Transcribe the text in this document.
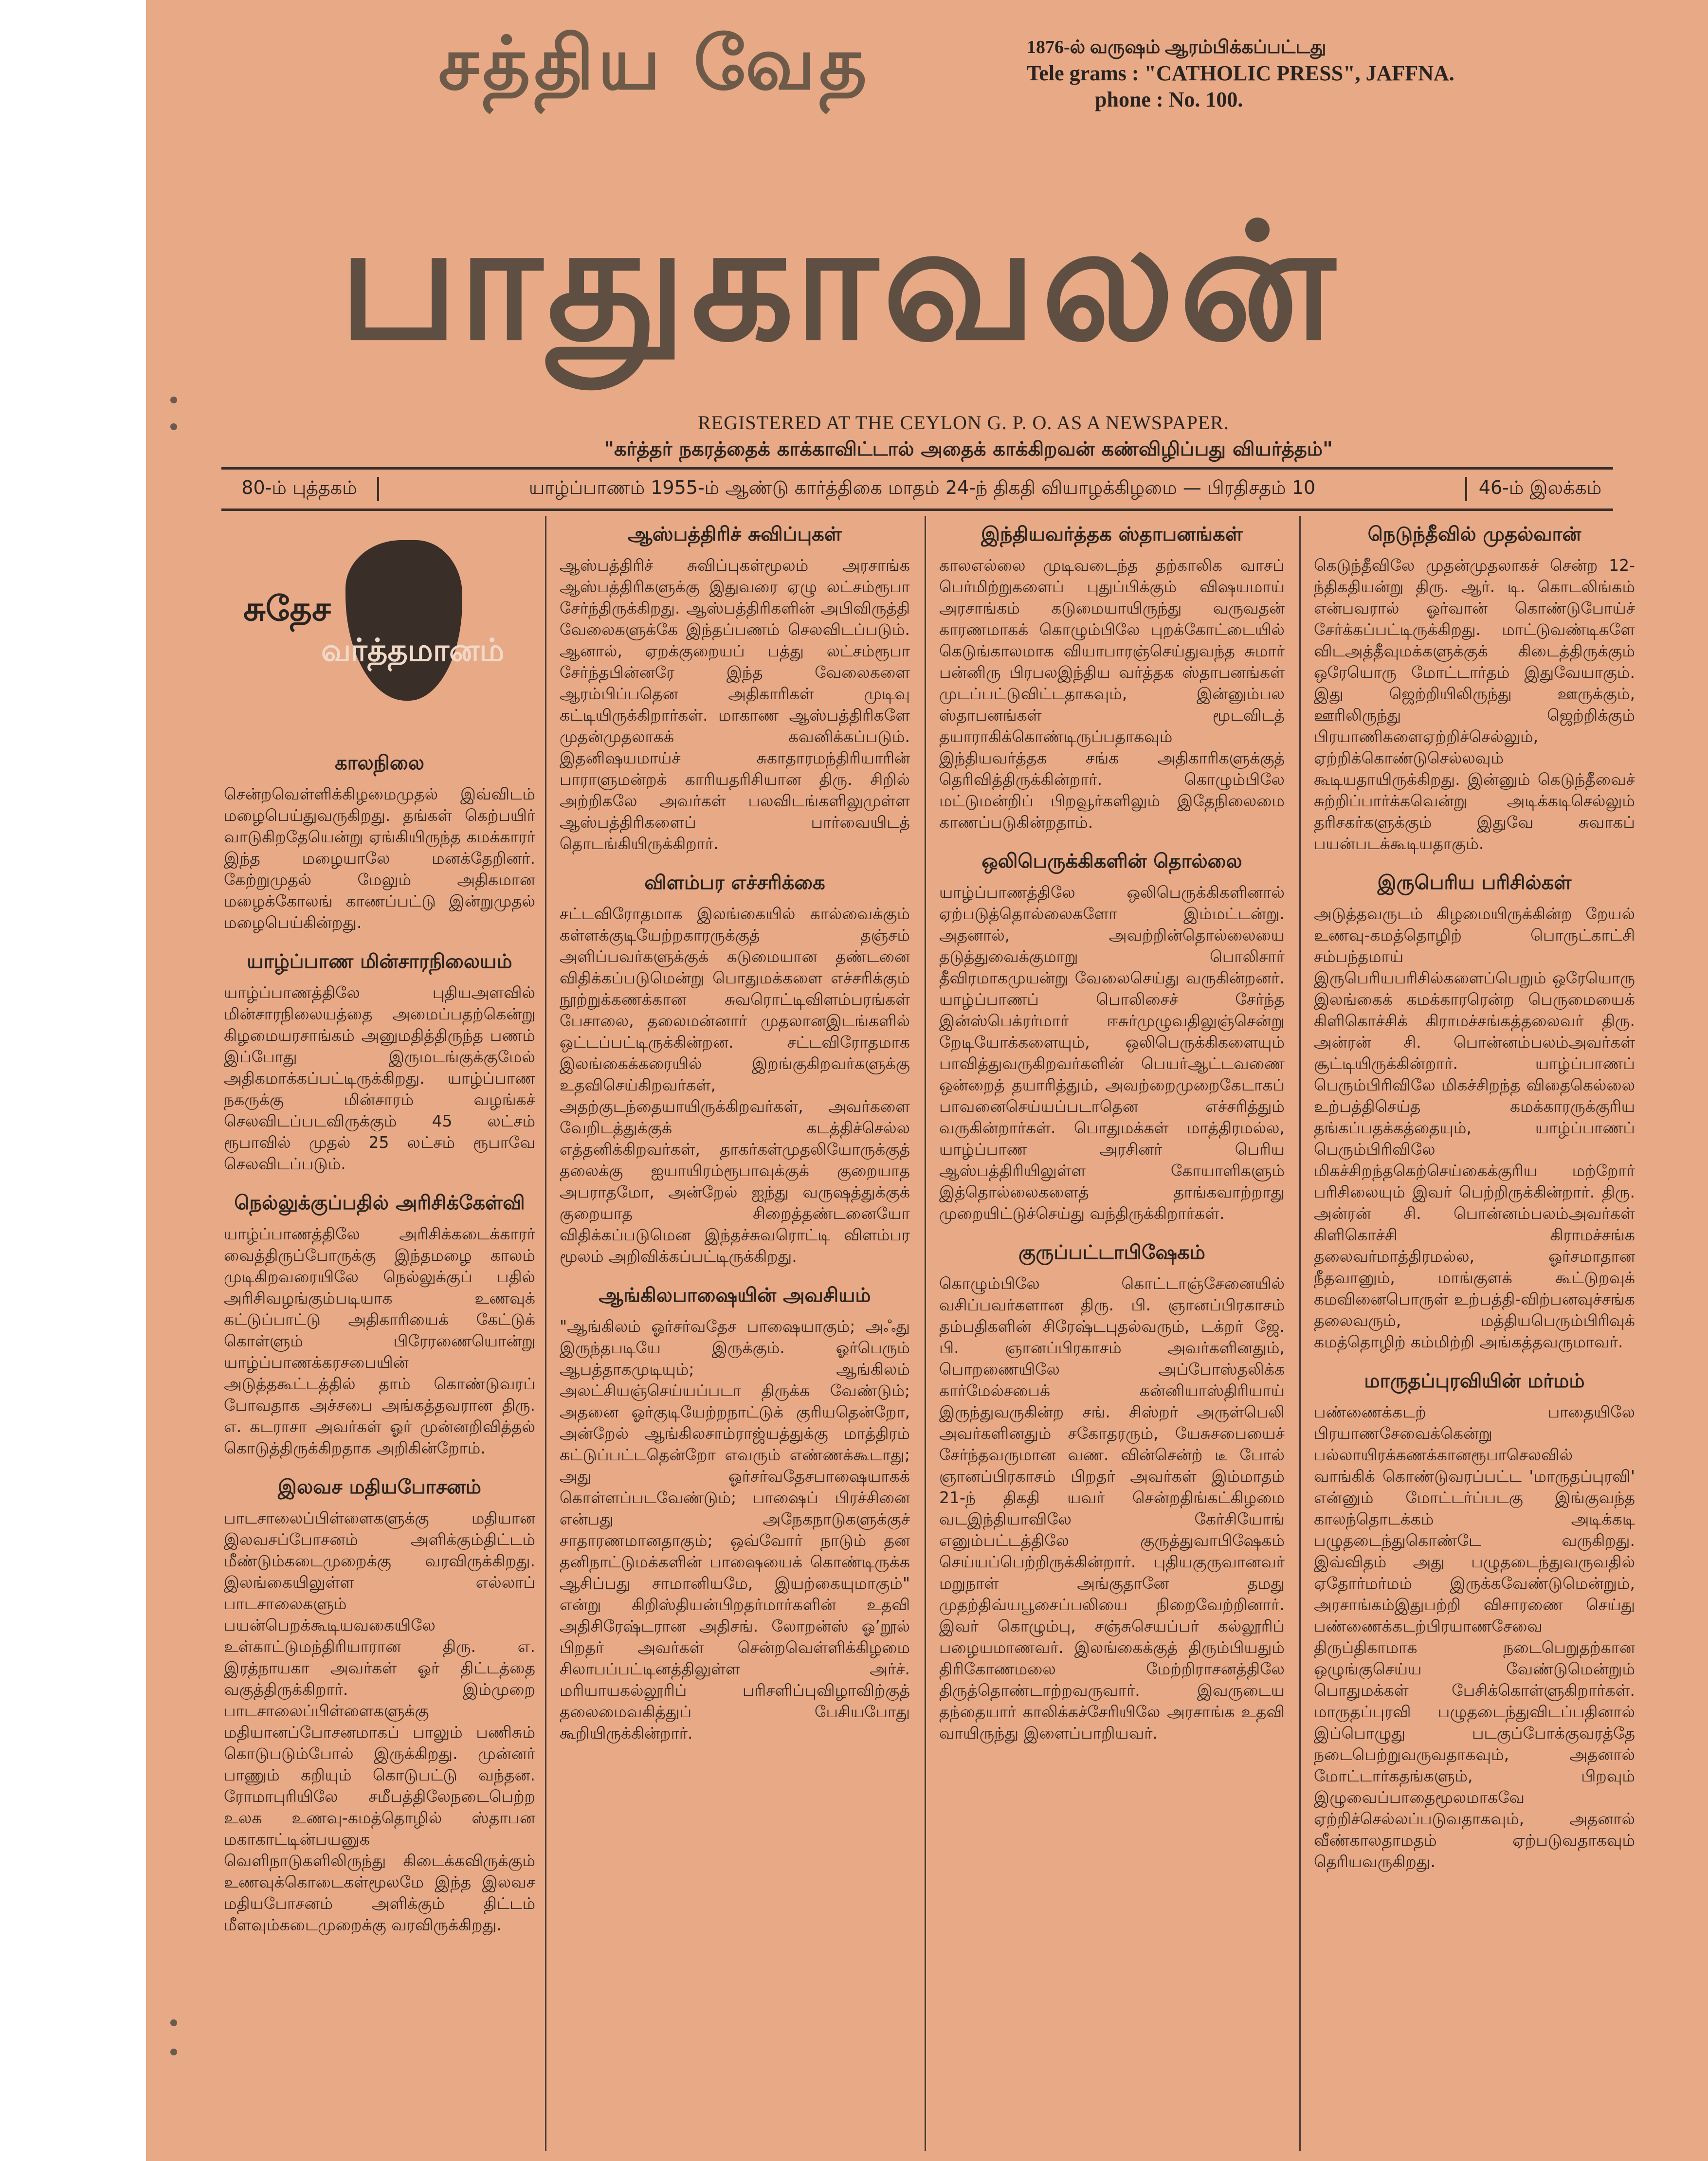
சத்திய வேத
பாதுகாவலன்
1876-ல் வருஷம் ஆரம்பிக்கப்பட்டது
Tele grams : "CATHOLIC PRESS", JAFFNA.
phone : No. 100.
REGISTERED AT THE CEYLON G. P. O. AS A NEWSPAPER.
"கர்த்தர் நகரத்தைக் காக்காவிட்டால் அதைக் காக்கிறவன் கண்விழிப்பது வியர்த்தம்"
80-ம் புத்தகம்	யாழ்ப்பாணம் 1955-ம் ஆண்டு கார்த்திகை மாதம் 24-ந் திகதி வியாழக்கிழமை — பிரதிசதம் 10	46-ம் இலக்கம்
சுதேச
வர்த்தமானம்
காலநிலை
சென்றவெள்ளிக்கிழமைமுதல் இவ்விடம் மழைபெய்துவருகிறது. தங்கள் கெற்பயிர் வாடுகிறதேயென்று ஏங்கியிருந்த கமக்காரர் இந்த மழையாலே மனக்தேறினர். கேற்றுமுதல் மேலும் அதிகமான மழைக்கோலங் காணப்பட்டு இன்றுமுதல் மழைபெய்கின்றது.
யாழ்ப்பாண மின்சாரநிலையம்
யாழ்ப்பாணத்திலே புதியஅளவில் மின்சாரநிலையத்தை அமைப்பதற்கென்று கிழமையரசாங்கம் அனுமதித்திருந்த பணம் இப்போது இருமடங்குக்குமேல் அதிகமாக்கப்பட்டிருக்கிறது. யாழ்ப்பாண நகருக்கு மின்சாரம் வழங்கச் செலவிடப்படவிருக்கும் 45 லட்சம் ரூபாவில் முதல் 25 லட்சம் ரூபாவே செலவிடப்படும்.
நெல்லுக்குப்பதில் அரிசிக்கேள்வி
யாழ்ப்பாணத்திலே அரிசிக்கடைக்காரர் வைத்திருப்போருக்கு இந்தமழை காலம் முடிகிறவரையிலே நெல்லுக்குப் பதில் அரிசிவழங்கும்படியாக உணவுக் கட்டுப்பாட்டு அதிகாரியைக் கேட்டுக் கொள்ளும் பிரேரணையொன்று யாழ்ப்பாணக்கரசபையின் அடுத்தகூட்டத்தில் தாம் கொண்டுவரப் போவதாக அச்சபை அங்கத்தவரான திரு. எ. கடராசா அவர்கள் ஓர் முன்னறிவித்தல் கொடுத்திருக்கிறதாக அறிகின்றோம்.
இலவச மதியபோசனம்
பாடசாலைப்பிள்ளைகளுக்கு மதியான இலவசப்போசனம் அளிக்கும்திட்டம் மீண்டும்கடைமுறைக்கு வரவிருக்கிறது. இலங்கையிலுள்ள எல்லாப் பாடசாலைகளும் பயன்பெறக்கூடியவகையிலே உள்காட்டுமந்திரியாரான திரு. எ. இரத்நாயகா அவர்கள் ஓர் திட்டத்தை வகுத்திருக்கிறார். இம்முறை பாடசாலைப்பிள்ளைகளுக்கு மதியானப்போசனமாகப் பாலும் பணிசும் கொடுபடும்போல் இருக்கிறது. முன்னர் பாணும் கறியும் கொடுபட்டு வந்தன. ரோமாபுரியிலே சமீபத்திலேநடைபெற்ற உலக உணவு-கமத்தொழில் ஸ்தாபன மகாகாட்டின்பயனுக வெளிநாடுகளிலிருந்து கிடைக்கவிருக்கும் உணவுக்கொடைகள்மூலமே இந்த இலவச மதியபோசனம் அளிக்கும் திட்டம் மீளவும்கடைமுறைக்கு வரவிருக்கிறது.
ஆஸ்பத்திரிச் சுவிப்புகள்
ஆஸ்பத்திரிச் சுவிப்புகள்மூலம் அரசாங்க ஆஸ்பத்திரிகளுக்கு இதுவரை ஏழு லட்சம்ரூபா சேர்ந்திருக்கிறது. ஆஸ்பத்திரிகளின் அபிவிருத்தி வேலைகளுக்கே இந்தப்பணம் செலவிடப்படும். ஆனால், ஏறக்குறையப் பத்து லட்சம்ரூபா சேர்ந்தபின்னரே இந்த வேலைகளை ஆரம்பிப்பதென அதிகாரிகள் முடிவு கட்டியிருக்கிறார்கள். மாகாண ஆஸ்பத்திரிகளே முதன்முதலாகக் கவனிக்கப்படும். இதனிஷயமாய்ச் சுகாதாரமந்திரியாரின் பாராளுமன்றக் காரியதரிசியான திரு. சிறில் அற்றிகலே அவர்கள் பலவிடங்களிலுமுள்ள ஆஸ்பத்திரிகளைப் பார்வையிடத் தொடங்கியிருக்கிறார்.
விளம்பர எச்சரிக்கை
சட்டவிரோதமாக இலங்கையில் கால்வைக்கும் கள்ளக்குடியேற்றகாரருக்குத் தஞ்சம் அளிப்பவர்களுக்குக் கடுமையான தண்டனை விதிக்கப்படுமென்று பொதுமக்களை எச்சரிக்கும் நூற்றுக்கணக்கான சுவரொட்டிவிளம்பரங்கள் பேசாலை, தலைமன்னார் முதலானஇடங்களில் ஒட்டப்பட்டிருக்கின்றன. சட்டவிரோதமாக இலங்கைக்கரையில் இறங்குகிறவர்களுக்கு உதவிசெய்கிறவர்கள், அதற்குடந்தையாயிருக்கிறவர்கள், அவர்களை வேறிடத்துக்குக் கடத்திச்செல்ல எத்தனிக்கிறவர்கள், தாகர்கள்முதலியோருக்குத் தலைக்கு ஐயாயிரம்ரூபாவுக்குக் குறையாத அபராதமோ, அன்றேல் ஐந்து வருஷத்துக்குக் குறையாத சிறைத்தண்டனையோ விதிக்கப்படுமென இந்தச்சுவரொட்டி விளம்பர மூலம் அறிவிக்கப்பட்டிருக்கிறது.
ஆங்கிலபாஷையின் அவசியம்
"ஆங்கிலம் ஓர்சர்வதேச பாஷையாகும்; அஃது இருந்தபடியே இருக்கும். ஓர்பெரும் ஆபத்தாகமுடியும்; ஆங்கிலம் அலட்சியஞ்செய்யப்படா திருக்க வேண்டும்; அதனை ஓர்குடியேற்றநாட்டுக் குரியதென்றோ, அன்றேல் ஆங்கிலசாம்ராஜ்யத்துக்கு மாத்திரம் கட்டுப்பட்டதென்றோ எவரும் எண்ணக்கூடாது; அது ஓர்சர்வதேசபாஷையாகக் கொள்ளப்படவேண்டும்; பாஷைப் பிரச்சினை என்பது அநேகநாடுகளுக்குச் சாதாரணமானதாகும்; ஒவ்வோர் நாடும் தன தனிநாட்டுமக்களின் பாஷையைக் கொண்டிருக்க ஆசிப்பது சாமானியமே, இயற்கையுமாகும்" என்று கிறிஸ்தியன்பிறதர்மார்களின் உதவி அதிசிரேஷ்டரான அதிசங். லோறன்ஸ் ஓ’றூல் பிறதர் அவர்கள் சென்றவெள்ளிக்கிழமை சிலாபப்பட்டினத்திலுள்ள அர்ச். மரியாயகல்லூரிப் பரிசளிப்புவிழாவிற்குத் தலைமைவகித்துப் பேசியபோது கூறியிருக்கின்றார்.
இந்தியவர்த்தக ஸ்தாபனங்கள்
காலஎல்லை முடிவடைந்த தற்காலிக வாசப் பெர்மிற்றுகளைப் புதுப்பிக்கும் விஷயமாய் அரசாங்கம் கடுமையாயிருந்து வருவதன் காரணமாகக் கொழும்பிலே புறக்கோட்டையில் கெடுங்காலமாக வியாபாரஞ்செய்துவந்த சுமார் பன்னிரு பிரபலஇந்திய வர்த்தக ஸ்தாபனங்கள் முடப்பட்டுவிட்டதாகவும், இன்னும்பல ஸ்தாபனங்கள் மூடவிடத் தயாராகிக்கொண்டிருப்பதாகவும் இந்தியவர்த்தக சங்க அதிகாரிகளுக்குத் தெரிவித்திருக்கின்றார். கொழும்பிலே மட்டுமன்றிப் பிறவூர்களிலும் இதேநிலைமை காணப்படுகின்றதாம்.
ஒலிபெருக்கிகளின் தொல்லை
யாழ்ப்பாணத்திலே ஒலிபெருக்கிகளினால் ஏற்படுத்தொல்லைகளோ இம்மட்டன்று. அதனால், அவற்றின்தொல்லையை தடுத்துவைக்குமாறு பொலிசார் தீவிரமாகமுயன்று வேலைசெய்து வருகின்றனர். யாழ்ப்பாணப் பொலிசைச் சேர்ந்த இன்ஸ்பெக்ரர்மார் ஈசுர்முழுவதிலுஞ்சென்று றேடியோக்களையும், ஒலிபெருக்கிகளையும் பாவித்துவருகிறவர்களின் பெயர்ஆட்டவணை ஒன்றைத் தயாரித்தும், அவற்றைமுறைகேடாகப் பாவனைசெய்யப்படாதென எச்சரித்தும் வருகின்றார்கள். பொதுமக்கள் மாத்திரமல்ல, யாழ்ப்பாண அரசினர் பெரிய ஆஸ்பத்திரியிலுள்ள கோயாளிகளும் இத்தொல்லைகளைத் தாங்கவாற்றாது முறையிட்டுச்செய்து வந்திருக்கிறார்கள்.
குருப்பட்டாபிஷேகம்
கொழும்பிலே கொட்டாஞ்சேனையில் வசிப்பவர்களான திரு. பி. ஞானப்பிரகாசம் தம்பதிகளின் சிரேஷ்டபுதல்வரும், டக்றர் ஜே. பி. ஞானப்பிரகாசம் அவர்களினதும், பொறணையிலே அப்போஸ்தலிக்க கார்மேல்சபைக் கன்னியாஸ்திரியாய் இருந்துவருகின்ற சங். சிஸ்றர் அருள்பெலி அவர்களினதும் சகோதரரும், யேசுசபையைச் சேர்ந்தவருமான வண. வின்சென்ற் டீ போல் ஞானப்பிரகாசம் பிறதர் அவர்கள் இம்மாதம் 21-ந் திகதி யவர் சென்றதிங்கட்கிழமை வடஇந்தியாவிலே கேர்சியோங் எனும்பட்டத்திலே குருத்துவாபிஷேகம் செய்யப்பெற்றிருக்கின்றார். புதியகுருவானவர் மறுநாள் அங்குதானே தமது முதற்திவ்யபூசைப்பலியை நிறைவேற்றினார். இவர் கொழும்பு, சஞ்சுசெயப்பர் கல்லூரிப் பழையமாணவர். இலங்கைக்குத் திரும்பியதும் திரிகோணமலை மேற்றிராசனத்திலே திருத்தொண்டாற்றவருவார். இவருடைய தந்தையார் காலிக்கச்சேரியிலே அரசாங்க உதவி வாயிருந்து இளைப்பாறியவர்.
நெடுந்தீவில் முதல்வான்
கெடுந்தீவிலே முதன்முதலாகச் சென்ற 12-ந்திகதியன்று திரு. ஆர். டி. கொடலிங்கம் என்பவரால் ஓர்வான் கொண்டுபோய்ச் சேர்க்கப்பட்டிருக்கிறது. மாட்டுவண்டிகளே விடஅத்தீவுமக்களுக்குக் கிடைத்திருக்கும் ஒரேயொரு மோட்டார்தம் இதுவேயாகும். இது ஜெற்றியிலிருந்து ஊருக்கும், ஊரிலிருந்து ஜெற்றிக்கும் பிரயாணிகளைஏற்றிச்செல்லும், ஏற்றிக்கொண்டுசெல்லவும் கூடியதாயிருக்கிறது. இன்னும் கெடுந்தீவைச் சுற்றிப்பார்க்கவென்று அடிக்கடிசெல்லும் தரிசகர்களுக்கும் இதுவே சுவாகப் பயன்படக்கூடியதாகும்.
இருபெரிய பரிசில்கள்
அடுத்தவருடம் கிழமையிருக்கின்ற றேயல் உணவு-கமத்தொழிற் பொருட்காட்சி சம்பந்தமாய் இருபெரியபரிசில்களைப்பெறும் ஒரேயொரு இலங்கைக் கமக்காரரென்ற பெருமையைக் கிளிகொச்சிக் கிராமச்சங்கத்தலைவர் திரு. அன்ரன் சி. பொன்னம்பலம்அவர்கள் சூட்டியிருக்கின்றார். யாழ்ப்பாணப் பெரும்பிரிவிலே மிகச்சிறந்த விதைகெல்லை உற்பத்திசெய்த கமக்காரருக்குரிய தங்கப்பதக்கத்தையும், யாழ்ப்பாணப் பெரும்பிரிவிலே மிகச்சிறந்தகெற்செய்கைக்குரிய மற்றோர் பரிசிலையும் இவர் பெற்றிருக்கின்றார். திரு. அன்ரன் சி. பொன்னம்பலம்அவர்கள் கிளிகொச்சி கிராமச்சங்க தலைவர்மாத்திரமல்ல, ஓர்சமாதான நீதவானும், மாங்குளக் கூட்டுறவுக் கமவினைபொருள் உற்பத்தி-விற்பனவுச்சங்க தலைவரும், மத்தியபெரும்பிரிவுக் கமத்தொழிற் கம்மிற்றி அங்கத்தவருமாவர்.
மாருதப்புரவியின் மர்மம்
பண்ணைக்கடற் பாதையிலே பிரயாணசேவைக்கென்று பல்லாயிரக்கணக்கானரூபாசெலவில் வாங்கிக் கொண்டுவரப்பட்ட 'மாருதப்புரவி' என்னும் மோட்டர்ப்படகு இங்குவந்த காலந்தொடக்கம் அடிக்கடி பழுதடைந்துகொண்டே வருகிறது. இவ்விதம் அது பழுதடைந்துவருவதில் ஏதோர்மர்மம் இருக்கவேண்டுமென்றும், அரசாங்கம்இதுபற்றி விசாரணை செய்து பண்ணைக்கடற்பிரயாணசேவை திருப்திகாமாக நடைபெறுதற்கான ஒழுங்குசெய்ய வேண்டுமென்றும் பொதுமக்கள் பேசிக்கொள்ளுகிறார்கள். மாருதப்புரவி பழுதடைந்துவிடப்பதினால் இப்பொழுது படகுப்போக்குவரத்தே நடைபெற்றுவருவதாகவும், அதனால் மோட்டார்கதங்களும், பிறவும் இழுவைப்பாதைமூலமாகவே ஏற்றிச்செல்லப்படுவதாகவும், அதனால் வீண்காலதாமதம் ஏற்படுவதாகவும் தெரியவருகிறது.
